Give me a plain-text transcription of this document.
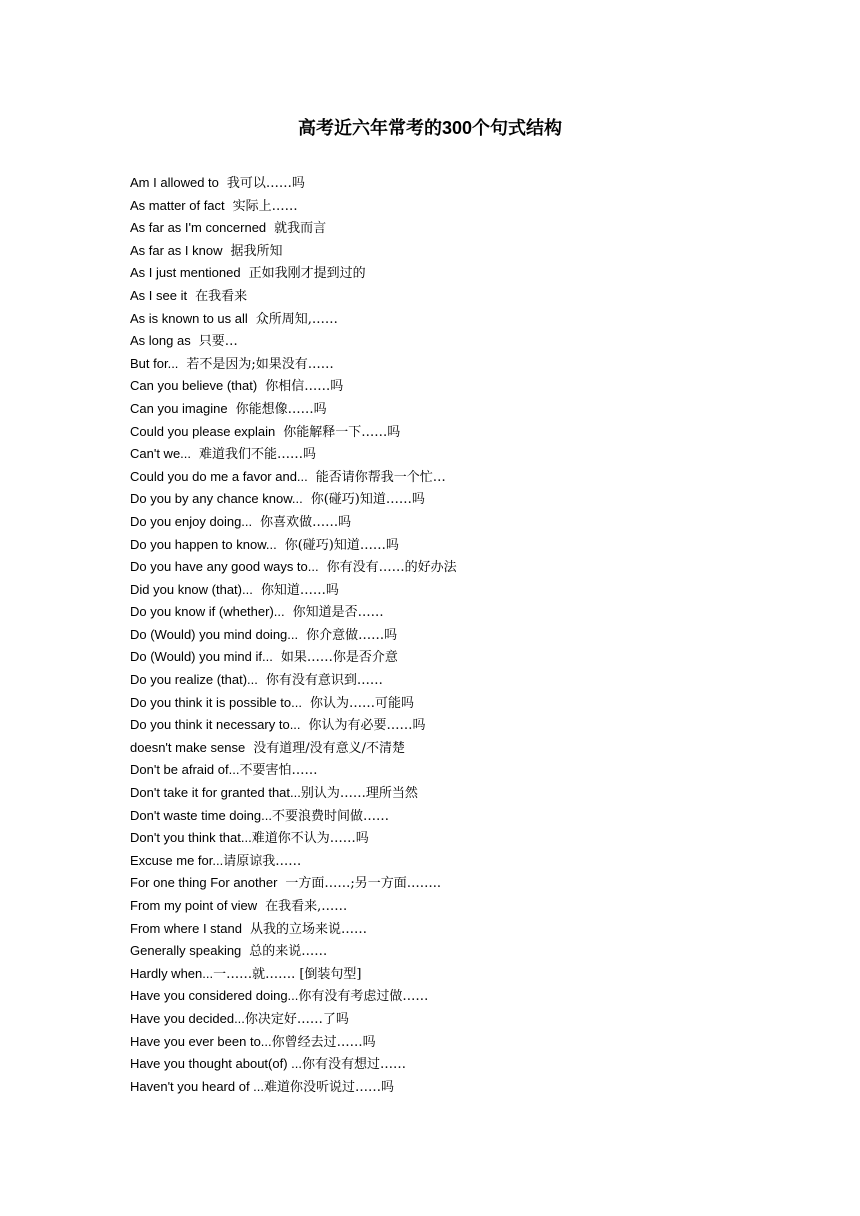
高考近六年常考的300个句式结构
Am I allowed to 我可以……吗
As matter of fact 实际上……
As far as I'm concerned 就我而言
As far as I know 据我所知
As I just mentioned 正如我刚才提到过的
As I see it 在我看来
As is known to us all 众所周知,……
As long as 只要…
But for... 若不是因为;如果没有……
Can you believe (that) 你相信……吗
Can you imagine 你能想像……吗
Could you please explain 你能解释一下……吗
Can't we... 难道我们不能……吗
Could you do me a favor and... 能否请你帮我一个忙…
Do you by any chance know... 你(碰巧)知道……吗
Do you enjoy doing... 你喜欢做……吗
Do you happen to know... 你(碰巧)知道……吗
Do you have any good ways to... 你有没有……的好办法
Did you know (that)... 你知道……吗
Do you know if (whether)... 你知道是否……
Do (Would) you mind doing... 你介意做……吗
Do (Would) you mind if... 如果……你是否介意
Do you realize (that)... 你有没有意识到……
Do you think it is possible to... 你认为……可能吗
Do you think it necessary to... 你认为有必要……吗
doesn't make sense 没有道理/没有意义/不清楚
Don't be afraid of...不要害怕……
Don't take it for granted that...别认为……理所当然
Don't waste time doing...不要浪费时间做……
Don't you think that...难道你不认为……吗
Excuse me for...请原谅我……
For one thing For another 一方面……;另一方面……..
From my point of view 在我看来,……
From where I stand 从我的立场来说……
Generally speaking 总的来说……
Hardly when...一……就……. [倒装句型]
Have you considered doing...你有没有考虑过做……
Have you decided...你决定好……了吗
Have you ever been to...你曾经去过……吗
Have you thought about(of) ...你有没有想过……
Haven't you heard of ...难道你没听说过……吗
